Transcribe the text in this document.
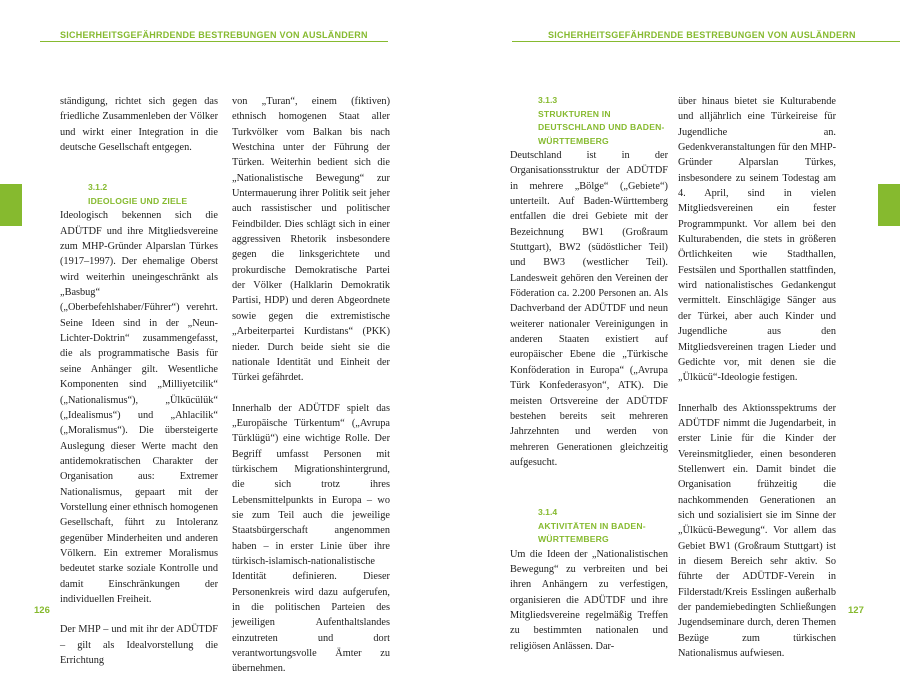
SICHERHEITSGEFÄHRDENDE BESTREBUNGEN VON AUSLÄNDERN

ständigung, richtet sich gegen das friedliche Zusammenleben der Völker und wirkt einer Integration in die deutsche Gesellschaft entgegen.

3.1.2
IDEOLOGIE UND ZIELE

Ideologisch bekennen sich die ADÜTDF und ihre Mitgliedsvereine zum MHP-Gründer Alparslan Türkes (1917–1997). Der ehemalige Oberst wird weiterhin uneingeschränkt als „Basbug“ („Oberbefehlshaber/Führer“) verehrt. Seine Ideen sind in der „Neun-Lichter-Doktrin“ zusammengefasst, die als programmatische Basis für seine Anhänger gilt. Wesentliche Komponenten sind „Milliyetcilik“ („Nationalismus“), „Ülkücülük“ („Idealismus“) und „Ahlacilik“ („Moralismus“). Die übersteigerte Auslegung dieser Werte macht den antidemokratischen Charakter der Organisation aus: Extremer Nationalismus, gepaart mit der Vorstellung einer ethnisch homogenen Gesellschaft, führt zu Intoleranz gegenüber Minderheiten und anderen Völkern. Ein extremer Moralismus bedeutet starke soziale Kontrolle und damit Einschränkungen der individuellen Freiheit.

Der MHP – und mit ihr der ADÜTDF – gilt als Idealvorstellung die Errichtung

von „Turan“, einem (fiktiven) ethnisch homogenen Staat aller Turkvölker vom Balkan bis nach Westchina unter der Führung der Türken. Weiterhin bedient sich die „Nationalistische Bewegung“ zur Untermauerung ihrer Politik seit jeher auch rassistischer und politischer Feindbilder. Dies schlägt sich in einer aggressiven Rhetorik insbesondere gegen die linksgerichtete und prokurdische Demokratische Partei der Völker (Halklarin Demokratik Partisi, HDP) und deren Abgeordnete sowie gegen die extremistische „Arbeiterpartei Kurdistans“ (PKK) nieder. Durch beide sieht sie die nationale Identität und Einheit der Türkei gefährdet.

Innerhalb der ADÜTDF spielt das „Europäische Türkentum“ („Avrupa Türklügü“) eine wichtige Rolle. Der Begriff umfasst Personen mit türkischem Migrationshintergrund, die sich trotz ihres Lebensmittelpunkts in Europa – wo sie zum Teil auch die jeweilige Staatsbürgerschaft angenommen haben – in erster Linie über ihre türkisch-islamisch-nationalistische Identität definieren. Dieser Personenkreis wird dazu aufgerufen, in die politischen Parteien des jeweiligen Aufenthaltslandes einzutreten und dort verantwortungsvolle Ämter zu übernehmen.

126
SICHERHEITSGEFÄHRDENDE BESTREBUNGEN VON AUSLÄNDERN
3.1.3
STRUKTUREN IN DEUTSCHLAND UND BADEN-WÜRTTEMBERG

Deutschland ist in der Organisationsstruktur der ADÜTDF in mehrere „Bölge“ („Gebiete“) unterteilt. Auf Baden-Württemberg entfallen die drei Gebiete mit der Bezeichnung BW1 (Großraum Stuttgart), BW2 (südöstlicher Teil) und BW3 (westlicher Teil). Landesweit gehören den Vereinen der Föderation ca. 2.200 Personen an. Als Dachverband der ADÜTDF und neun weiterer nationaler Vereinigungen in anderen Staaten existiert auf europäischer Ebene die „Türkische Konföderation in Europa“ („Avrupa Türk Konfederasyon“, ATK). Die meisten Ortsvereine der ADÜTDF bestehen bereits seit mehreren Jahrzehnten und werden von mehreren Generationen gleichzeitig aufgesucht.

3.1.4
AKTIVITÄTEN IN BADEN-WÜRTTEMBERG

Um die Ideen der „Nationalistischen Bewegung“ zu verbreiten und bei ihren Anhängern zu verfestigen, organisieren die ADÜTDF und ihre Mitgliedsvereine regelmäßig Treffen zu bestimmten nationalen und religiösen Anlässen. Dar-

über hinaus bietet sie Kulturabende und alljährlich eine Türkeireise für Jugendliche an. Gedenkveranstaltungen für den MHP-Gründer Alparslan Türkes, insbesondere zu seinem Todestag am 4. April, sind in vielen Mitgliedsvereinen ein fester Programmpunkt. Vor allem bei den Kulturabenden, die stets in größeren Örtlichkeiten wie Stadthallen, Festsälen und Sporthallen stattfinden, wird nationalistisches Gedankengut vermittelt. Einschlägige Sänger aus der Türkei, aber auch Kinder und Jugendliche aus den Mitgliedsvereinen tragen Lieder und Gedichte vor, mit denen sie die „Ülkücü“-Ideologie festigen.

Innerhalb des Aktionsspektrums der ADÜTDF nimmt die Jugendarbeit, in erster Linie für die Kinder der Vereinsmitglieder, einen besonderen Stellenwert ein. Damit bindet die Organisation frühzeitig die nachkommenden Generationen an sich und sozialisiert sie im Sinne der „Ülkücü-Bewegung“. Vor allem das Gebiet BW1 (Großraum Stuttgart) ist in diesem Bereich sehr aktiv. So führte der ADÜTDF-Verein in Filderstadt/Kreis Esslingen außerhalb der pandemiebedingten Schließungen Jugendseminare durch, deren Themen Bezüge zum türkischen Nationalismus aufwiesen.

127
